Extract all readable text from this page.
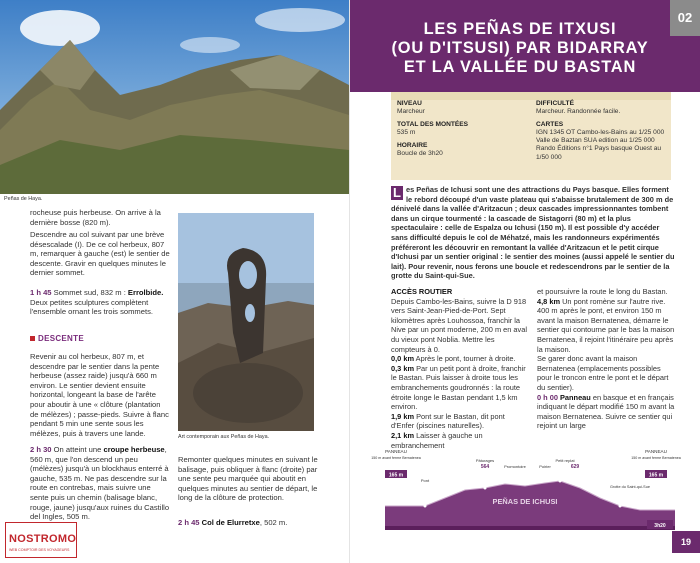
Peñas de Haya.
rocheuse puis herbeuse. On arrive à la dernière bosse (820 m).
Descendre au col suivant par une brève désescalade (I). De ce col herbeux, 807 m, remarquer à gauche (est) le sentier de descente. Gravir en quelques minutes le dernier sommet.
1 h 45 Sommet sud, 832 m : Errolbide. Deux petites sculptures complètent l'ensemble ornant les trois sommets.
DESCENTE
Revenir au col herbeux, 807 m, et descendre par le sentier dans la pente herbeuse (assez raide) jusqu'à 660 m environ. Le sentier devient ensuite horizontal, longeant la base de l'arête pour aboutir à une « clôture (plantation de mélèzes) ; passe-pieds. Suivre à flanc pendant 5 min une sente sous les mélèzes, puis à travers une lande.
2 h 30 On atteint une croupe herbeuse, 560 m, que l'on descend un peu (mélèzes) jusqu'à un blockhaus enterré à gauche, 535 m. Ne pas descendre sur la route en contrebas, mais suivre une sente puis un chemin (balisage blanc, rouge, jaune) jusqu'aux ruines du Castillo del Ingles, 505 m.
Art contemporain aux Peñas de Haya.
Remonter quelques minutes en suivant le balisage, puis obliquer à flanc (droite) par une sente peu marquée qui aboutit en quelques minutes au sentier de départ, le long de la clôture de protection.
2 h 45 Col de Elurretxe, 502 m.
NOSTROMO
WEB COMPTOIR DES VOYAGEURS
02
LES PEÑAS DE ITXUSI
(OU D'ITSUSI) PAR BIDARRAY
ET LA VALLÉE DU BASTAN
NIVEAU
Marcheur
TOTAL DES MONTÉES
535 m
HORAIRE
Boucle de 3h20
DIFFICULTÉ
Marcheur. Randonnée facile.
CARTES
IGN 1345 OT Cambo-les-Bains au 1/25 000 Valle de Baztan SUA edition au 1/25 000 Rando Éditions n°1 Pays basque Ouest au 1/50 000
L es Peñas de Ichusi sont une des attractions du Pays basque. Elles forment le rebord découpé d'un vaste plateau qui s'abaisse brutalement de 300 m de dénivelé dans la vallée d'Aritzacun ; deux cascades impressionnantes tombent dans un cirque tourmenté : la cascade de Sistagorri (80 m) et la plus spectaculaire : celle de Espalza ou Ichusi (150 m). Il est possible d'y accéder sans difficulté depuis le col de Méhatzé, mais les randonneurs expérimentés préféreront les découvrir en remontant la vallée d'Aritzacun et le petit cirque d'Ichusi par un sentier original : le sentier des moines (aussi appelé le sentier du lait). Pour revenir, nous ferons une boucle et redescendrons par le sentier de la grotte du Saint-qui-Sue.
ACCÈS ROUTIER
Depuis Cambo-les-Bains, suivre la D 918 vers Saint-Jean-Pied-de-Port. Sept kilomètres après Louhossoa, franchir la Nive par un pont moderne, 200 m en aval du vieux pont Noblia. Mettre les compteurs à 0.
0,0 km Après le pont, tourner à droite.
0,3 km Par un petit pont à droite, franchir le Bastan. Puis laisser à droite tous les embranchements goudronnés : la route étroite longe le Bastan pendant 1,5 km environ.
1,9 km Pont sur le Bastan, dit pont d'Enfer (piscines naturelles).
2,1 km Laisser à gauche un embranchement
et poursuivre la route le long du Bastan.
4,8 km Un pont romène sur l'autre rive. 400 m après le pont, et environ 150 m avant la maison Bernatenea, démarre le sentier qui contourne par le bas la maison Bernatenea, il rejoint l'itinéraire peu après la maison.
Se garer donc avant la maison Bernatenea (emplacements possibles pour le troncon entre le pont et le départ du sentier).
0 h 00 Panneau en basque et en français indiquant le départ modifié 150 m avant la maison Bernatenea. Suivre ce sentier qui rejoint un large
PANNEAU
150 m avant ferme Bernatenea
165 m
Pont
Pâturages
564	Promontoire
Petit replat
629
Poirier
PANNEAU
150 m avant ferme Bernatenea
165 m
Grotte du Saint-qui-Sue
PEÑAS DE ICHUSI
3h20
19
